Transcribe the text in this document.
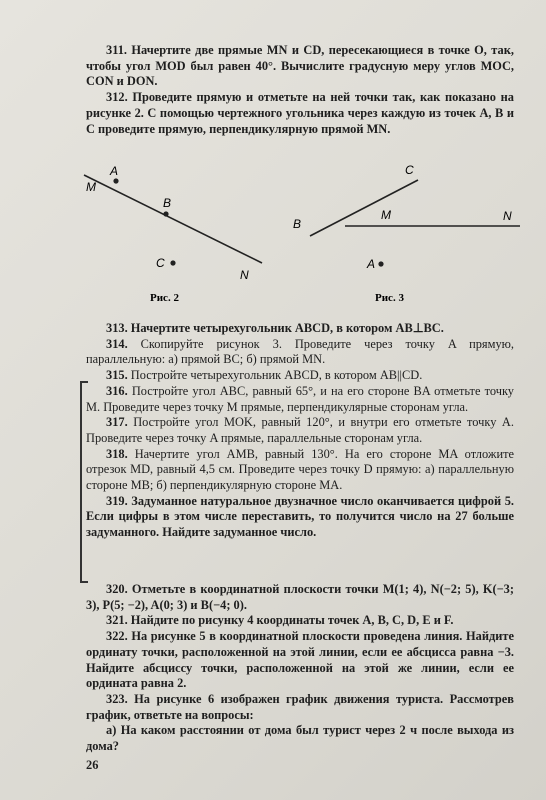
311. Начертите две прямые MN и CD, пересекающиеся в точке O, так, чтобы угол MOD был равен 40°. Вычислите градусную меру углов MOC, CON и DON.

312. Проведите прямую и отметьте на ней точки так, как показано на рисунке 2. С помощью чертежного угольника через каждую из точек A, B и C проведите прямую, перпендикулярную прямой MN.

M
A
B
C
N
Рис. 2
C
B
M	N
A
Рис. 3

313. Начертите четырехугольник ABCD, в котором AB⊥BC.

314. Скопируйте рисунок 3. Проведите через точку A прямую, параллельную: а) прямой BC; б) прямой MN.

315. Постройте четырехугольник ABCD, в котором AB||CD.

316. Постройте угол ABC, равный 65°, и на его стороне BA отметьте точку M. Проведите через точку M прямые, перпендикулярные сторонам угла.

317. Постройте угол MOK, равный 120°, и внутри его отметьте точку A. Проведите через точку A прямые, параллельные сторонам угла.

318. Начертите угол AMB, равный 130°. На его стороне MA отложите отрезок MD, равный 4,5 см. Проведите через точку D прямую: а) параллельную стороне MB; б) перпендикулярную стороне MA.

319. Задуманное натуральное двузначное число оканчивается цифрой 5. Если цифры в этом числе переставить, то получится число на 27 больше задуманного. Найдите задуманное число.

320. Отметьте в координатной плоскости точки M(1; 4), N(−2; 5), K(−3; 3), P(5; −2), A(0; 3) и B(−4; 0).

321. Найдите по рисунку 4 координаты точек A, B, C, D, E и F.

322. На рисунке 5 в координатной плоскости проведена линия. Найдите ординату точки, расположенной на этой линии, если ее абсцисса равна −3. Найдите абсциссу точки, расположенной на этой же линии, если ее ордината равна 2.

323. На рисунке 6 изображен график движения туриста. Рассмотрев график, ответьте на вопросы:

а) На каком расстоянии от дома был турист через 2 ч после выхода из дома?

26
